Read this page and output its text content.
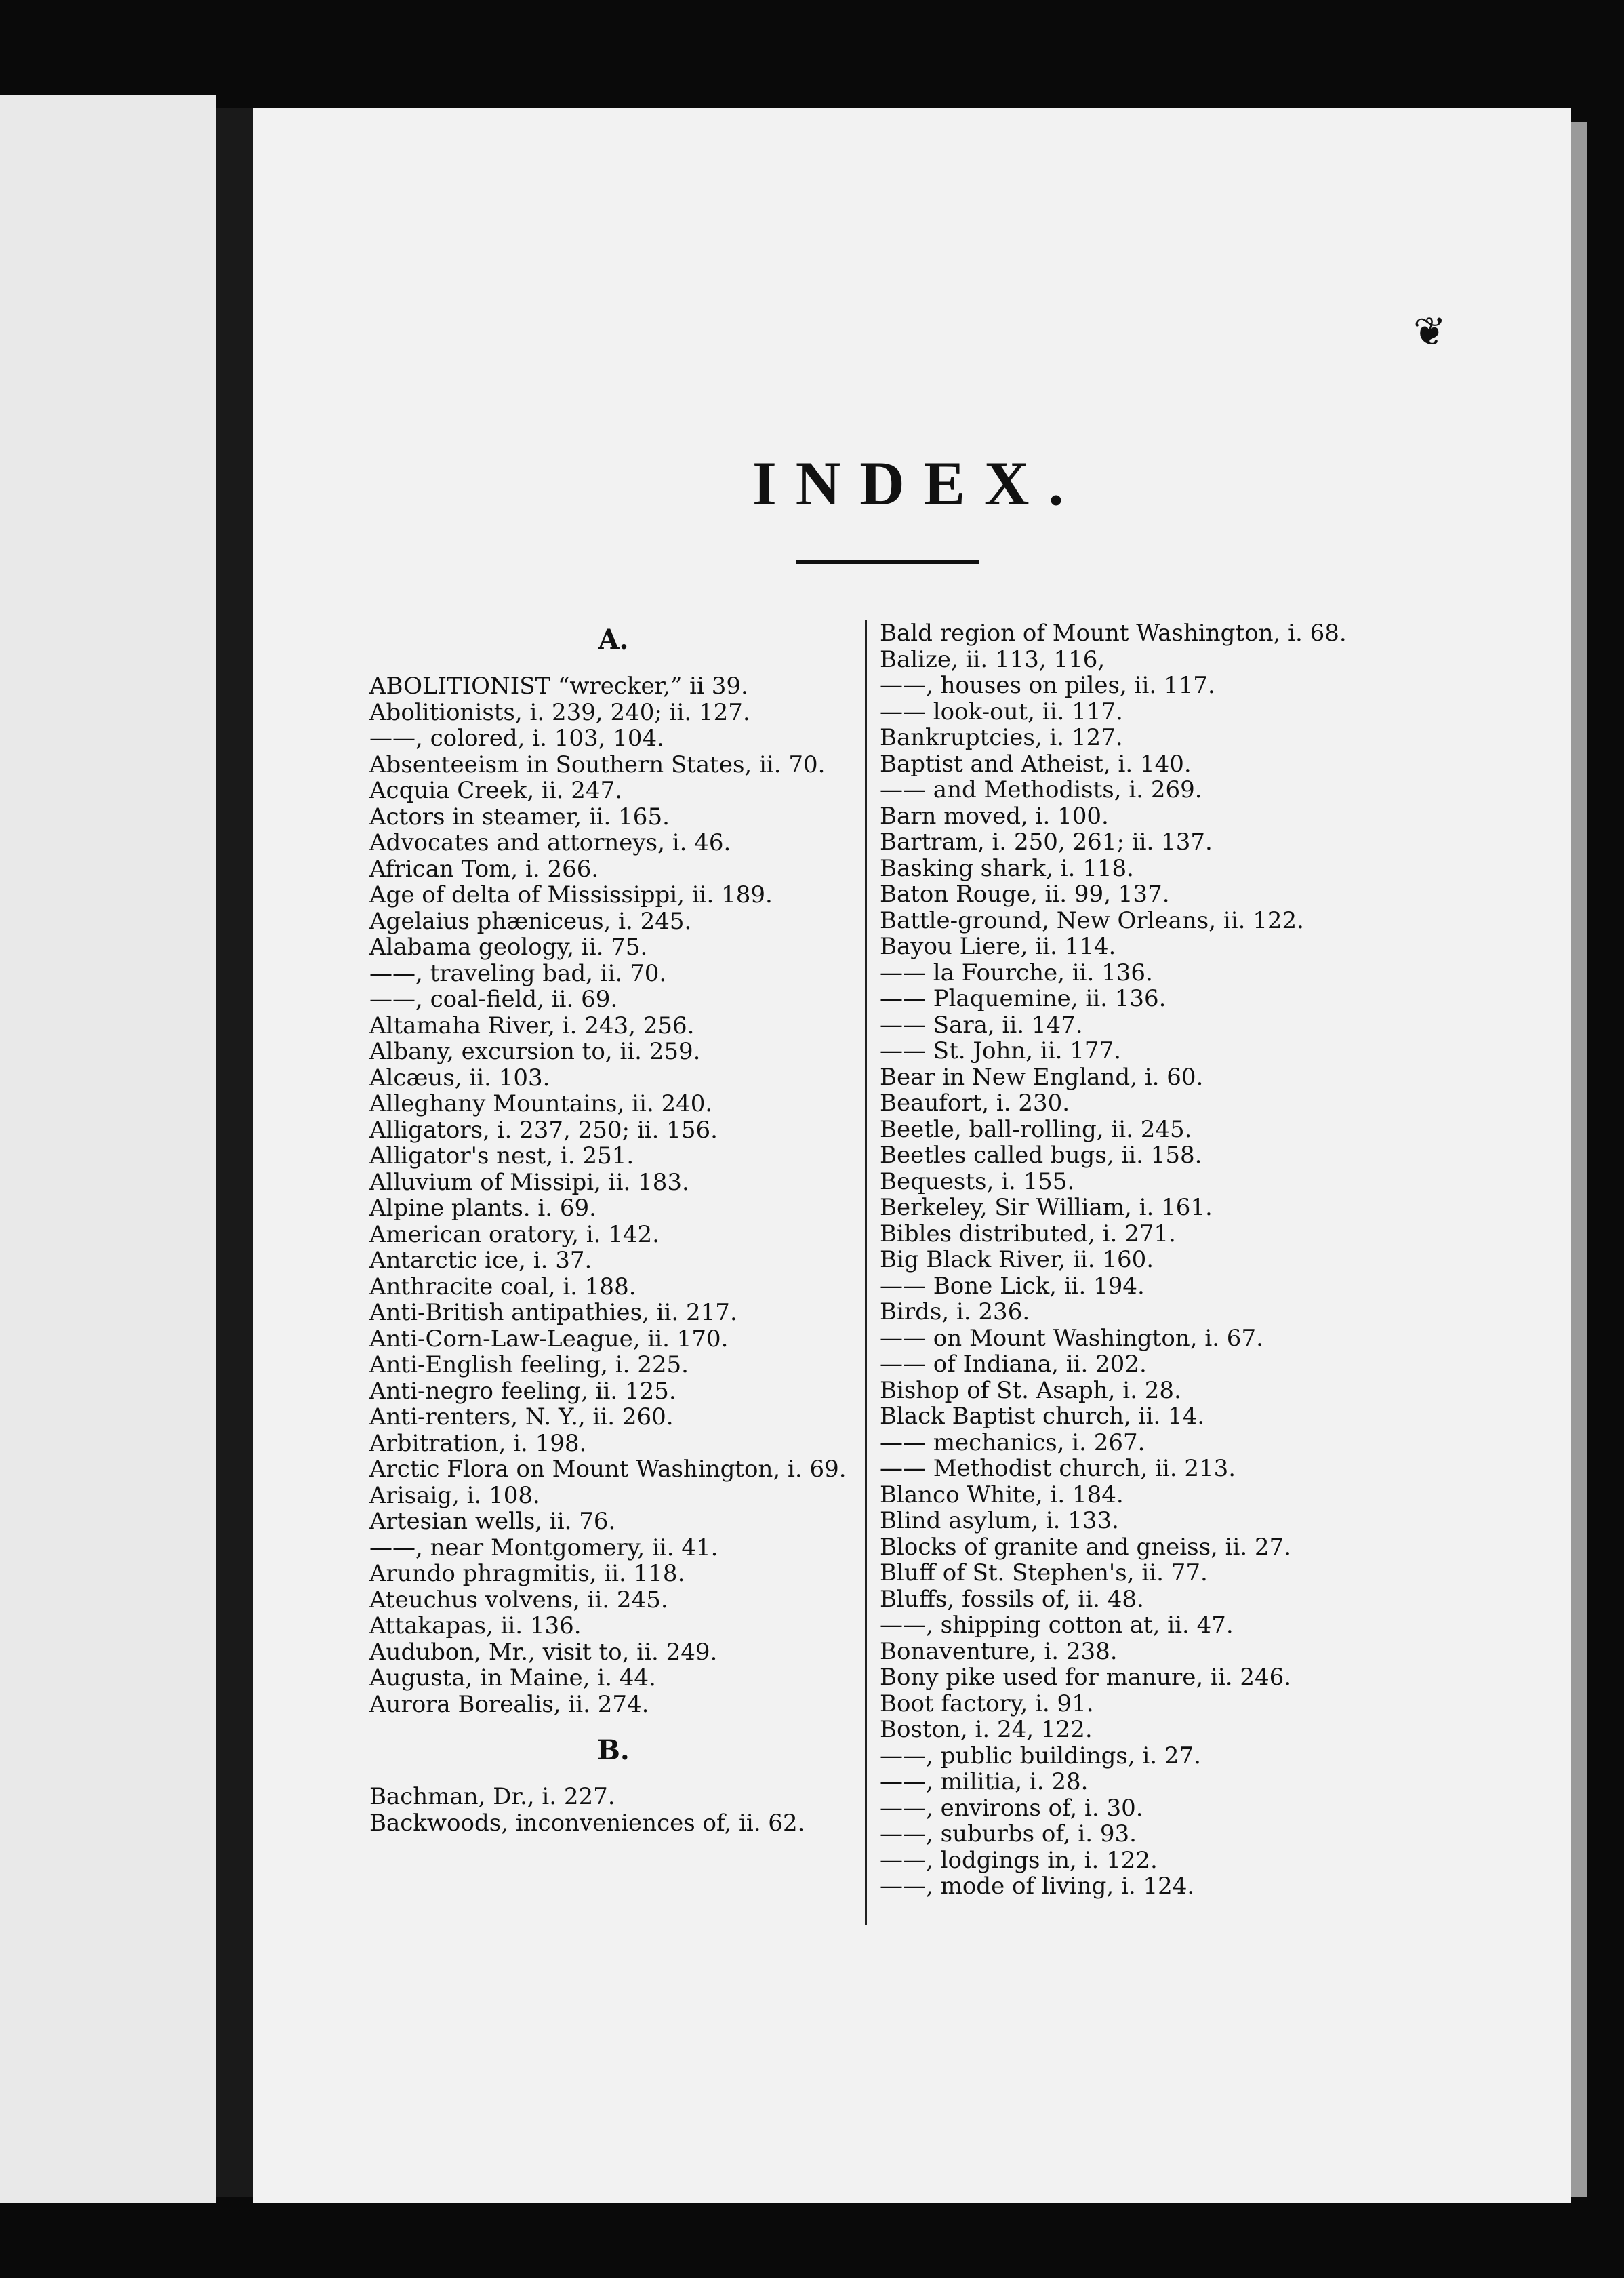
❦
INDEX.
A.
ABOLITIONIST “wrecker,” ii 39.
Abolitionists, i. 239, 240; ii. 127.
——, colored, i. 103, 104.
Absenteeism in Southern States, ii. 70.
Acquia Creek, ii. 247.
Actors in steamer, ii. 165.
Advocates and attorneys, i. 46.
African Tom, i. 266.
Age of delta of Mississippi, ii. 189.
Agelaius phæniceus, i. 245.
Alabama geology, ii. 75.
——, traveling bad, ii. 70.
——, coal-field, ii. 69.
Altamaha River, i. 243, 256.
Albany, excursion to, ii. 259.
Alcæus, ii. 103.
Alleghany Mountains, ii. 240.
Alligators, i. 237, 250; ii. 156.
Alligator's nest, i. 251.
Alluvium of Missipi, ii. 183.
Alpine plants. i. 69.
American oratory, i. 142.
Antarctic ice, i. 37.
Anthracite coal, i. 188.
Anti-British antipathies, ii. 217.
Anti-Corn-Law-League, ii. 170.
Anti-English feeling, i. 225.
Anti-negro feeling, ii. 125.
Anti-renters, N. Y., ii. 260.
Arbitration, i. 198.
Arctic Flora on Mount Washington, i. 69.
Arisaig, i. 108.
Artesian wells, ii. 76.
——, near Montgomery, ii. 41.
Arundo phragmitis, ii. 118.
Ateuchus volvens, ii. 245.
Attakapas, ii. 136.
Audubon, Mr., visit to, ii. 249.
Augusta, in Maine, i. 44.
Aurora Borealis, ii. 274.
B.
Bachman, Dr., i. 227.
Backwoods, inconveniences of, ii. 62.
Bald region of Mount Washington, i. 68.
Balize, ii. 113, 116,
——, houses on piles, ii. 117.
—— look-out, ii. 117.
Bankruptcies, i. 127.
Baptist and Atheist, i. 140.
—— and Methodists, i. 269.
Barn moved, i. 100.
Bartram, i. 250, 261; ii. 137.
Basking shark, i. 118.
Baton Rouge, ii. 99, 137.
Battle-ground, New Orleans, ii. 122.
Bayou Liere, ii. 114.
—— la Fourche, ii. 136.
—— Plaquemine, ii. 136.
—— Sara, ii. 147.
—— St. John, ii. 177.
Bear in New England, i. 60.
Beaufort, i. 230.
Beetle, ball-rolling, ii. 245.
Beetles called bugs, ii. 158.
Bequests, i. 155.
Berkeley, Sir William, i. 161.
Bibles distributed, i. 271.
Big Black River, ii. 160.
—— Bone Lick, ii. 194.
Birds, i. 236.
—— on Mount Washington, i. 67.
—— of Indiana, ii. 202.
Bishop of St. Asaph, i. 28.
Black Baptist church, ii. 14.
—— mechanics, i. 267.
—— Methodist church, ii. 213.
Blanco White, i. 184.
Blind asylum, i. 133.
Blocks of granite and gneiss, ii. 27.
Bluff of St. Stephen's, ii. 77.
Bluffs, fossils of, ii. 48.
——, shipping cotton at, ii. 47.
Bonaventure, i. 238.
Bony pike used for manure, ii. 246.
Boot factory, i. 91.
Boston, i. 24, 122.
——, public buildings, i. 27.
——, militia, i. 28.
——, environs of, i. 30.
——, suburbs of, i. 93.
——, lodgings in, i. 122.
——, mode of living, i. 124.
